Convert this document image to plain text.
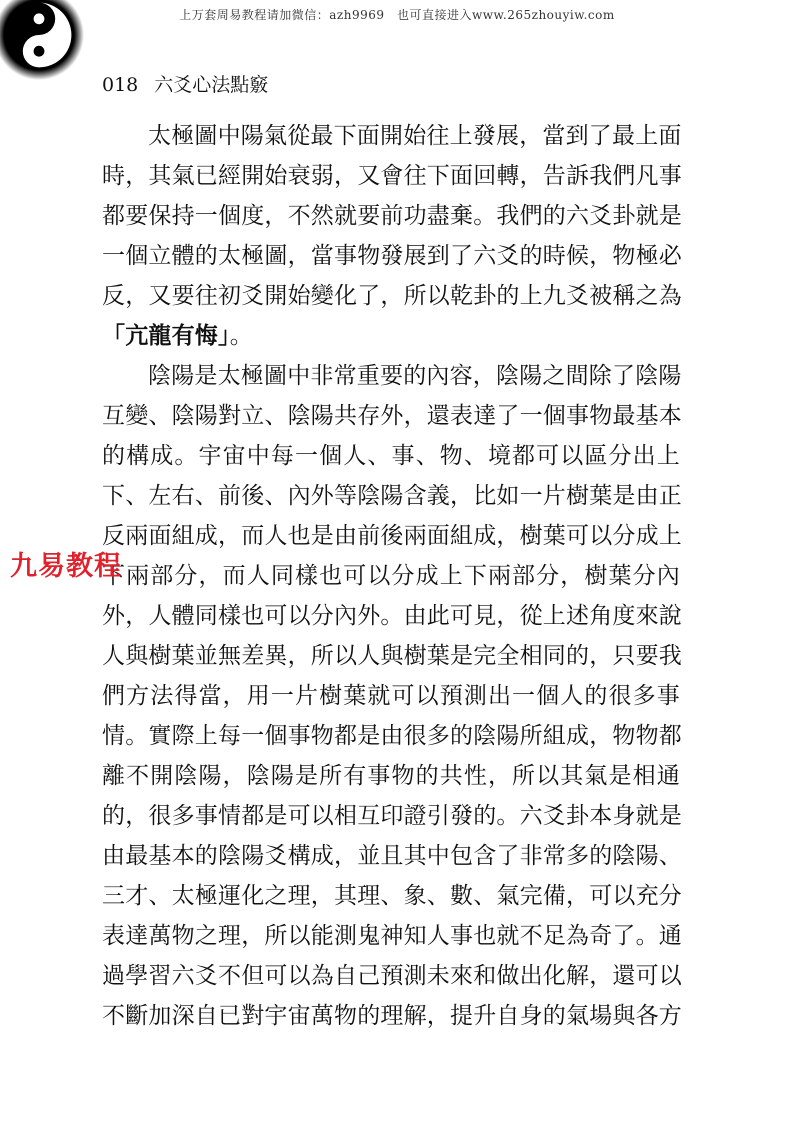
上万套周易教程请加微信：azh9969　也可直接进入www.265zhouyiw.com
018 六爻心法點竅
太極圖中陽氣從最下面開始往上發展，當到了最上面
時，其氣已經開始衰弱，又會往下面回轉，告訴我們凡事
都要保持一個度，不然就要前功盡棄。我們的六爻卦就是
一個立體的太極圖，當事物發展到了六爻的時候，物極必
反，又要往初爻開始變化了，所以乾卦的上九爻被稱之為
「亢龍有悔」。
陰陽是太極圖中非常重要的內容，陰陽之間除了陰陽
互變、陰陽對立、陰陽共存外，還表達了一個事物最基本
的構成。宇宙中每一個人、事、物、境都可以區分出上
下、左右、前後、內外等陰陽含義，比如一片樹葉是由正
反兩面組成，而人也是由前後兩面組成，樹葉可以分成上
下兩部分，而人同樣也可以分成上下兩部分，樹葉分內
外，人體同樣也可以分內外。由此可見，從上述角度來說
人與樹葉並無差異，所以人與樹葉是完全相同的，只要我
們方法得當，用一片樹葉就可以預測出一個人的很多事
情。實際上每一個事物都是由很多的陰陽所組成，物物都
離不開陰陽，陰陽是所有事物的共性，所以其氣是相通
的，很多事情都是可以相互印證引發的。六爻卦本身就是
由最基本的陰陽爻構成，並且其中包含了非常多的陰陽、
三才、太極運化之理，其理、象、數、氣完備，可以充分
表達萬物之理，所以能測鬼神知人事也就不足為奇了。通
過學習六爻不但可以為自己預測未來和做出化解，還可以
不斷加深自已對宇宙萬物的理解，提升自身的氣場與各方
九易教程
